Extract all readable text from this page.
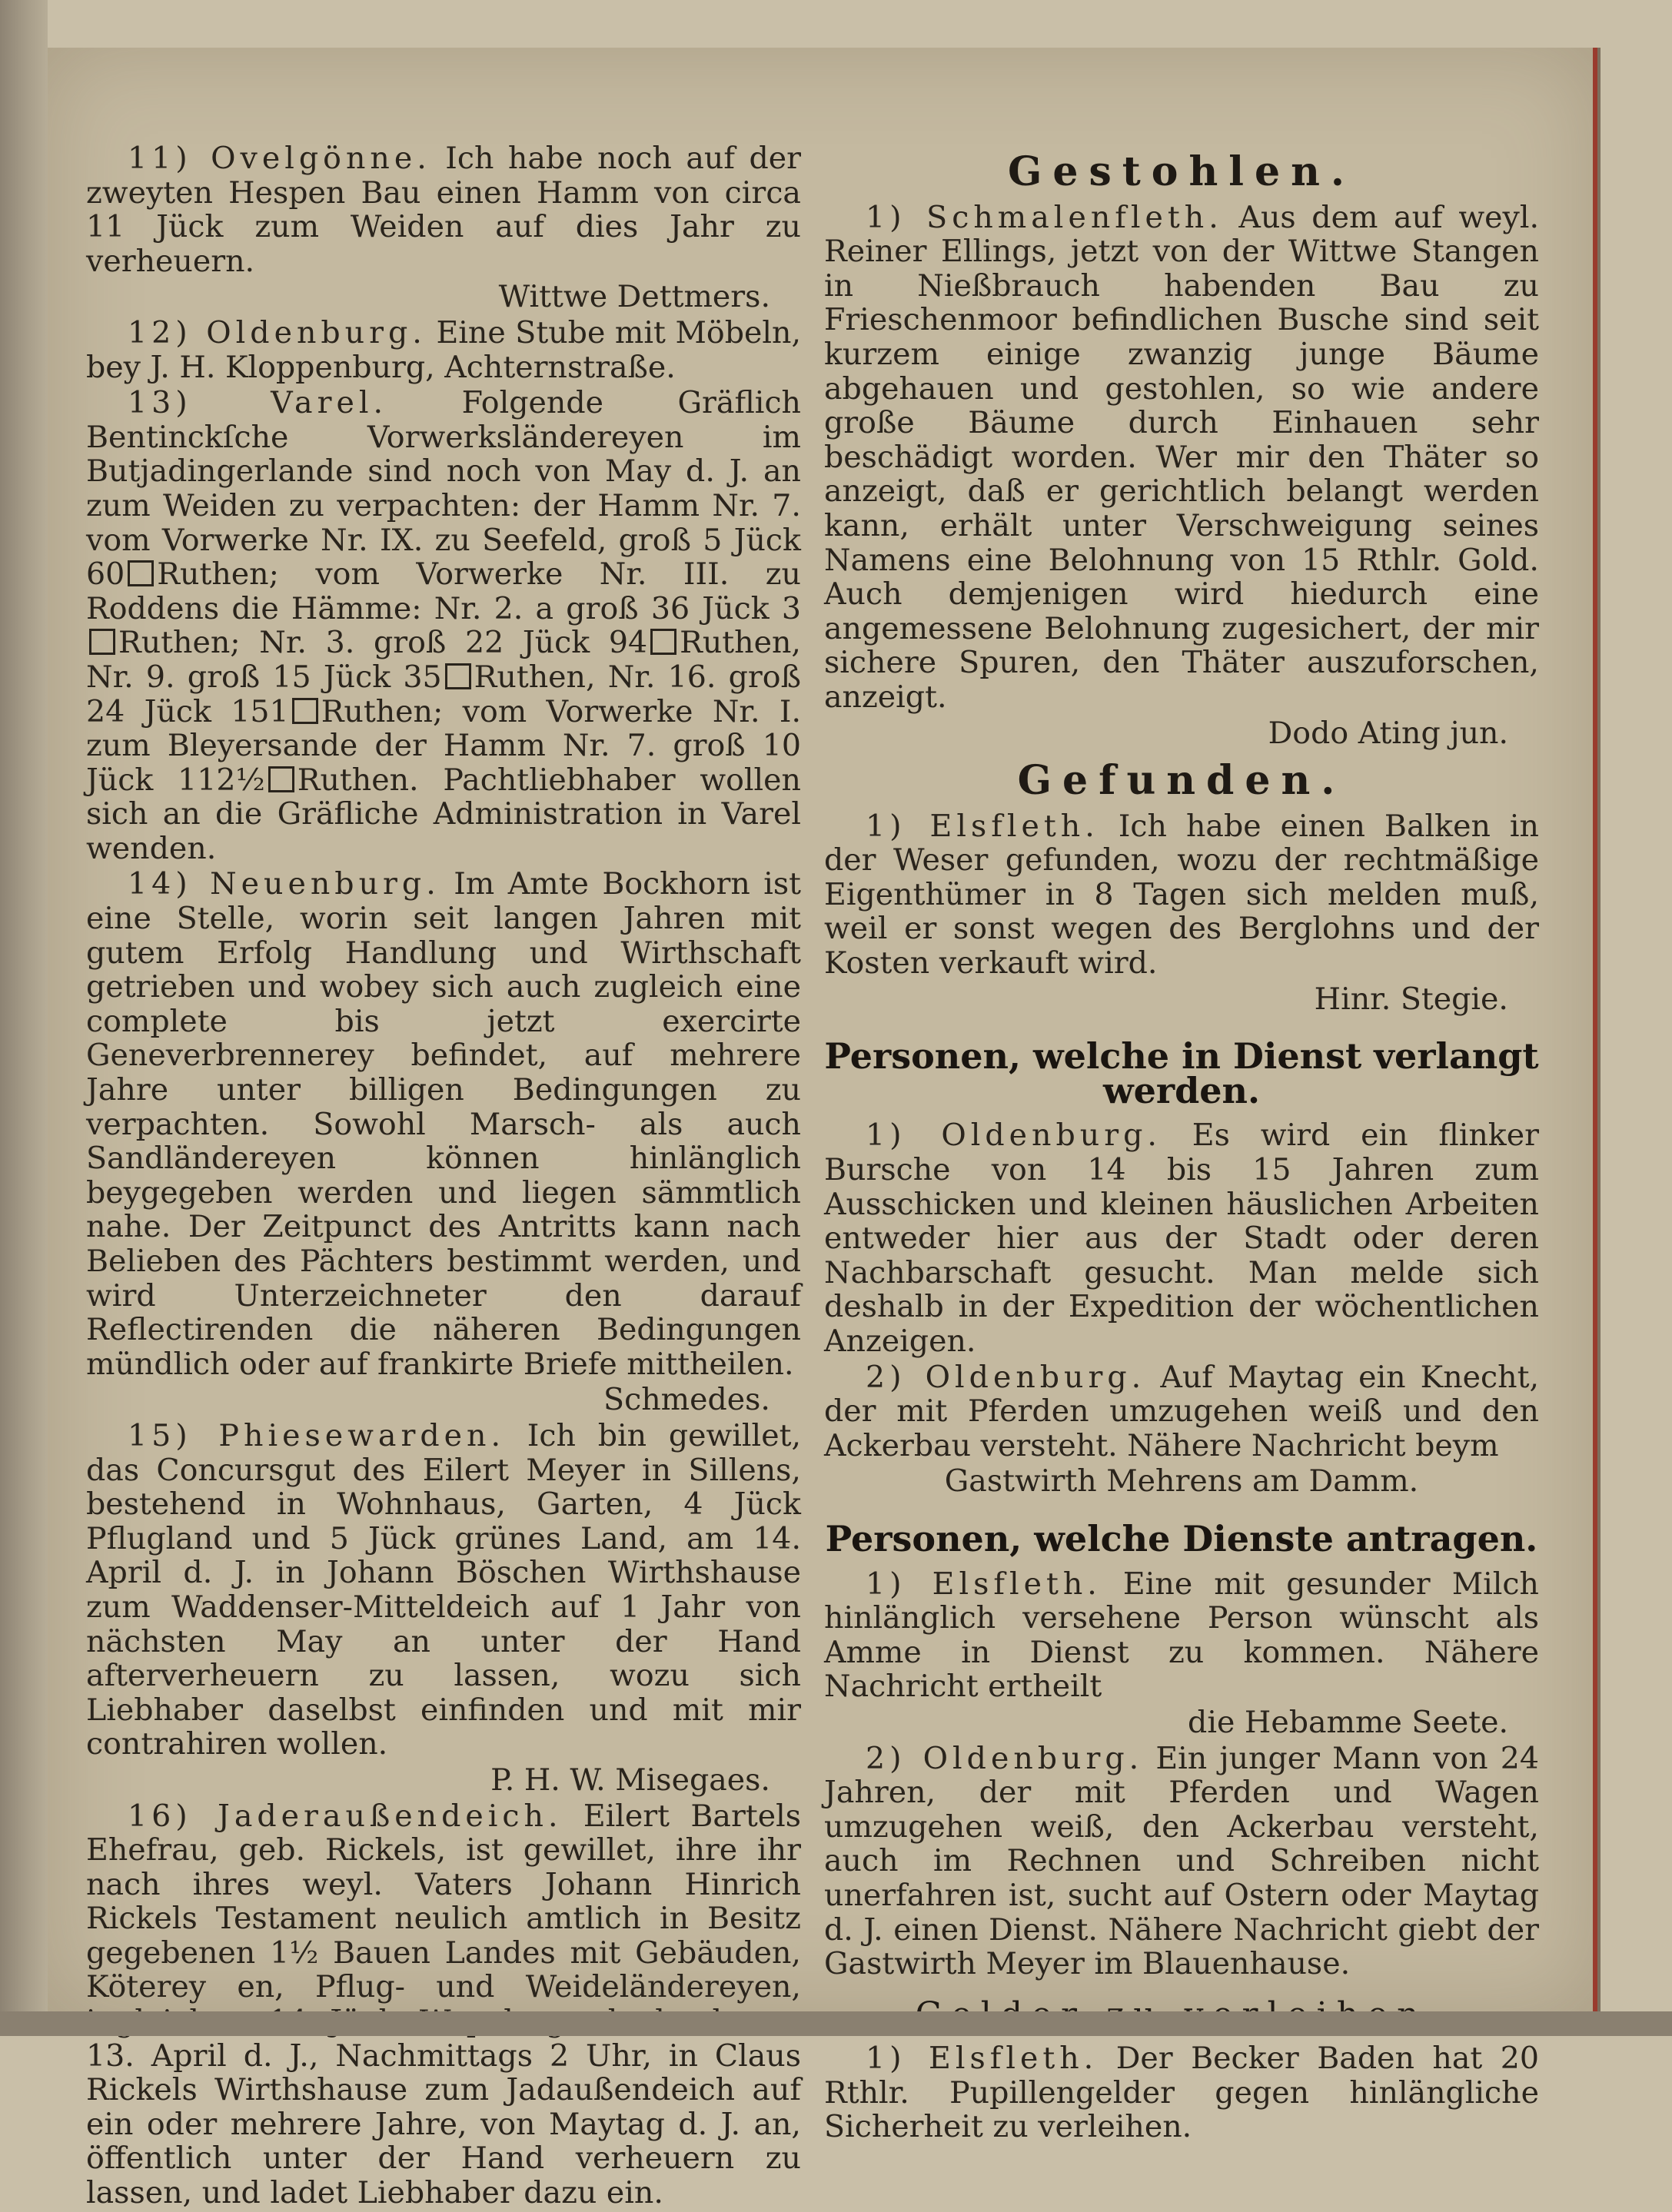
11) Ovelgönne. Ich habe noch auf der zweyten Hespen Bau einen Hamm von circa 11 Jück zum Weiden auf dies Jahr zu verheuern.

Wittwe Dettmers.

12) Oldenburg. Eine Stube mit Möbeln, bey J. H. Kloppenburg, Achternstraße.

13) Varel. Folgende Gräflich Bentinckſche Vorwerksländereyen im Butjadingerlande sind noch von May d. J. an zum Weiden zu verpachten: der Hamm Nr. 7. vom Vorwerke Nr. IX. zu Seefeld, groß 5 Jück 60 Ruthen; vom Vorwerke Nr. III. zu Roddens die Hämme: Nr. 2. a groß 36 Jück 3Ruthen; Nr. 3. groß 22 Jück 94 Ruthen, Nr. 9. groß 15 Jück 35 Ruthen, Nr. 16. groß 24 Jück 151 Ruthen; vom Vorwerke Nr. I. zum Bleyersande der Hamm Nr. 7. groß 10 Jück 112½ Ruthen. Pachtliebhaber wollen sich an die Gräfliche Administration in Varel wenden.

14) Neuenburg. Im Amte Bockhorn ist eine Stelle, worin seit langen Jahren mit gutem Erfolg Handlung und Wirthschaft getrieben und wobey sich auch zugleich eine complete bis jetzt exercirte Geneverbrennerey befindet, auf mehrere Jahre unter billigen Bedingungen zu verpachten. Sowohl Marsch- als auch Sandländereyen können hinlänglich beygegeben werden und liegen sämmtlich nahe. Der Zeitpunct des Antritts kann nach Belieben des Pächters bestimmt werden, und wird Unterzeichneter den darauf Reflectirenden die näheren Bedingungen mündlich oder auf frankirte Briefe mittheilen.

Schmedes.

15) Phiesewarden. Ich bin gewillet, das Concursgut des Eilert Meyer in Sillens, bestehend in Wohnhaus, Garten, 4 Jück Pflugland und 5 Jück grünes Land, am 14. April d. J. in Johann Böschen Wirthshause zum Waddenser-Mitteldeich auf 1 Jahr von nächsten May an unter der Hand afterverheuern zu lassen, wozu sich Liebhaber daselbst einfinden und mit mir contrahiren wollen.

P. H. W. Misegaes.

16) Jaderaußendeich. Eilert Bartels Ehefrau, geb. Rickels, ist gewillet, ihre ihr nach ihres weyl. Vaters Johann Hinrich Rickels Testament neulich amtlich in Besitz gegebenen 1½ Bauen Landes mit Gebäuden, Köterey en, Pflug- und Weideländereyen, 13. April d. J., Nachmittags 2 Uhr, in Claus Rickels Wirthshause zum Jadaußendeich auf ein oder mehrere Jahre, von Maytag d. J. an, öffentlich unter der Hand verheuern zu lassen, und ladet Liebhaber dazu ein.

Gestohlen.

1) Schmalenfleth. Aus dem auf weyl. Reiner Ellings, jetzt von der Wittwe Stangen in Nießbrauch habenden Bau zu Frieschenmoor befindlichen Busche sind seit kurzem einige zwanzig junge Bäume abgehauen und gestohlen, so wie andere große Bäume durch Einhauen sehr beschädigt worden. Wer mir den Thäter so anzeigt, daß er gerichtlich belangt werden kann, erhält unter Verschweigung seines Namens eine Belohnung von 15 Rthlr. Gold. Auch demjenigen wird hiedurch eine angemessene Belohnung zugesichert, der mir sichere Spuren, den Thäter auszuforschen, anzeigt.

Dodo Ating jun.

Gefunden.

1) Elsfleth. Ich habe einen Balken in der Weser gefunden, wozu der rechtmäßige Eigenthümer in 8 Tagen sich melden muß, weil er sonst wegen des Berglohns und der Kosten verkauft wird.

Hinr. Stegie.

Personen, welche in Dienst verlangt werden.

1) Oldenburg. Es wird ein flinker Bursche von 14 bis 15 Jahren zum Ausschicken und kleinen häuslichen Arbeiten entweder hier aus der Stadt oder deren Nachbarschaft gesucht. Man melde sich deshalb in der Expedition der wöchentlichen Anzeigen.

2) Oldenburg. Auf Maytag ein Knecht, der mit Pferden umzugehen weiß und den Ackerbau versteht. Nähere Nachricht beym

Gastwirth Mehrens am Damm.

Personen, welche Dienste antragen.

1) Elsfleth. Eine mit gesunder Milch hinlänglich versehene Person wünscht als Amme in Dienst zu kommen. Nähere Nachricht ertheilt

die Hebamme Seete.

2) Oldenburg. Ein junger Mann von 24 Jahren, der mit Pferden und Wagen umzugehen weiß, den Ackerbau versteht, auch im Rechnen und Schreiben nicht unerfahren ist, sucht auf Ostern oder Maytag d. J. einen Dienst. Nähere Nachricht giebt der Gastwirth Meyer im Blauenhause.

1) Elsfleth. Der Becker Baden hat 20 Rthlr. Pupillengelder gegen hinlängliche Sicherheit zu verleihen.
